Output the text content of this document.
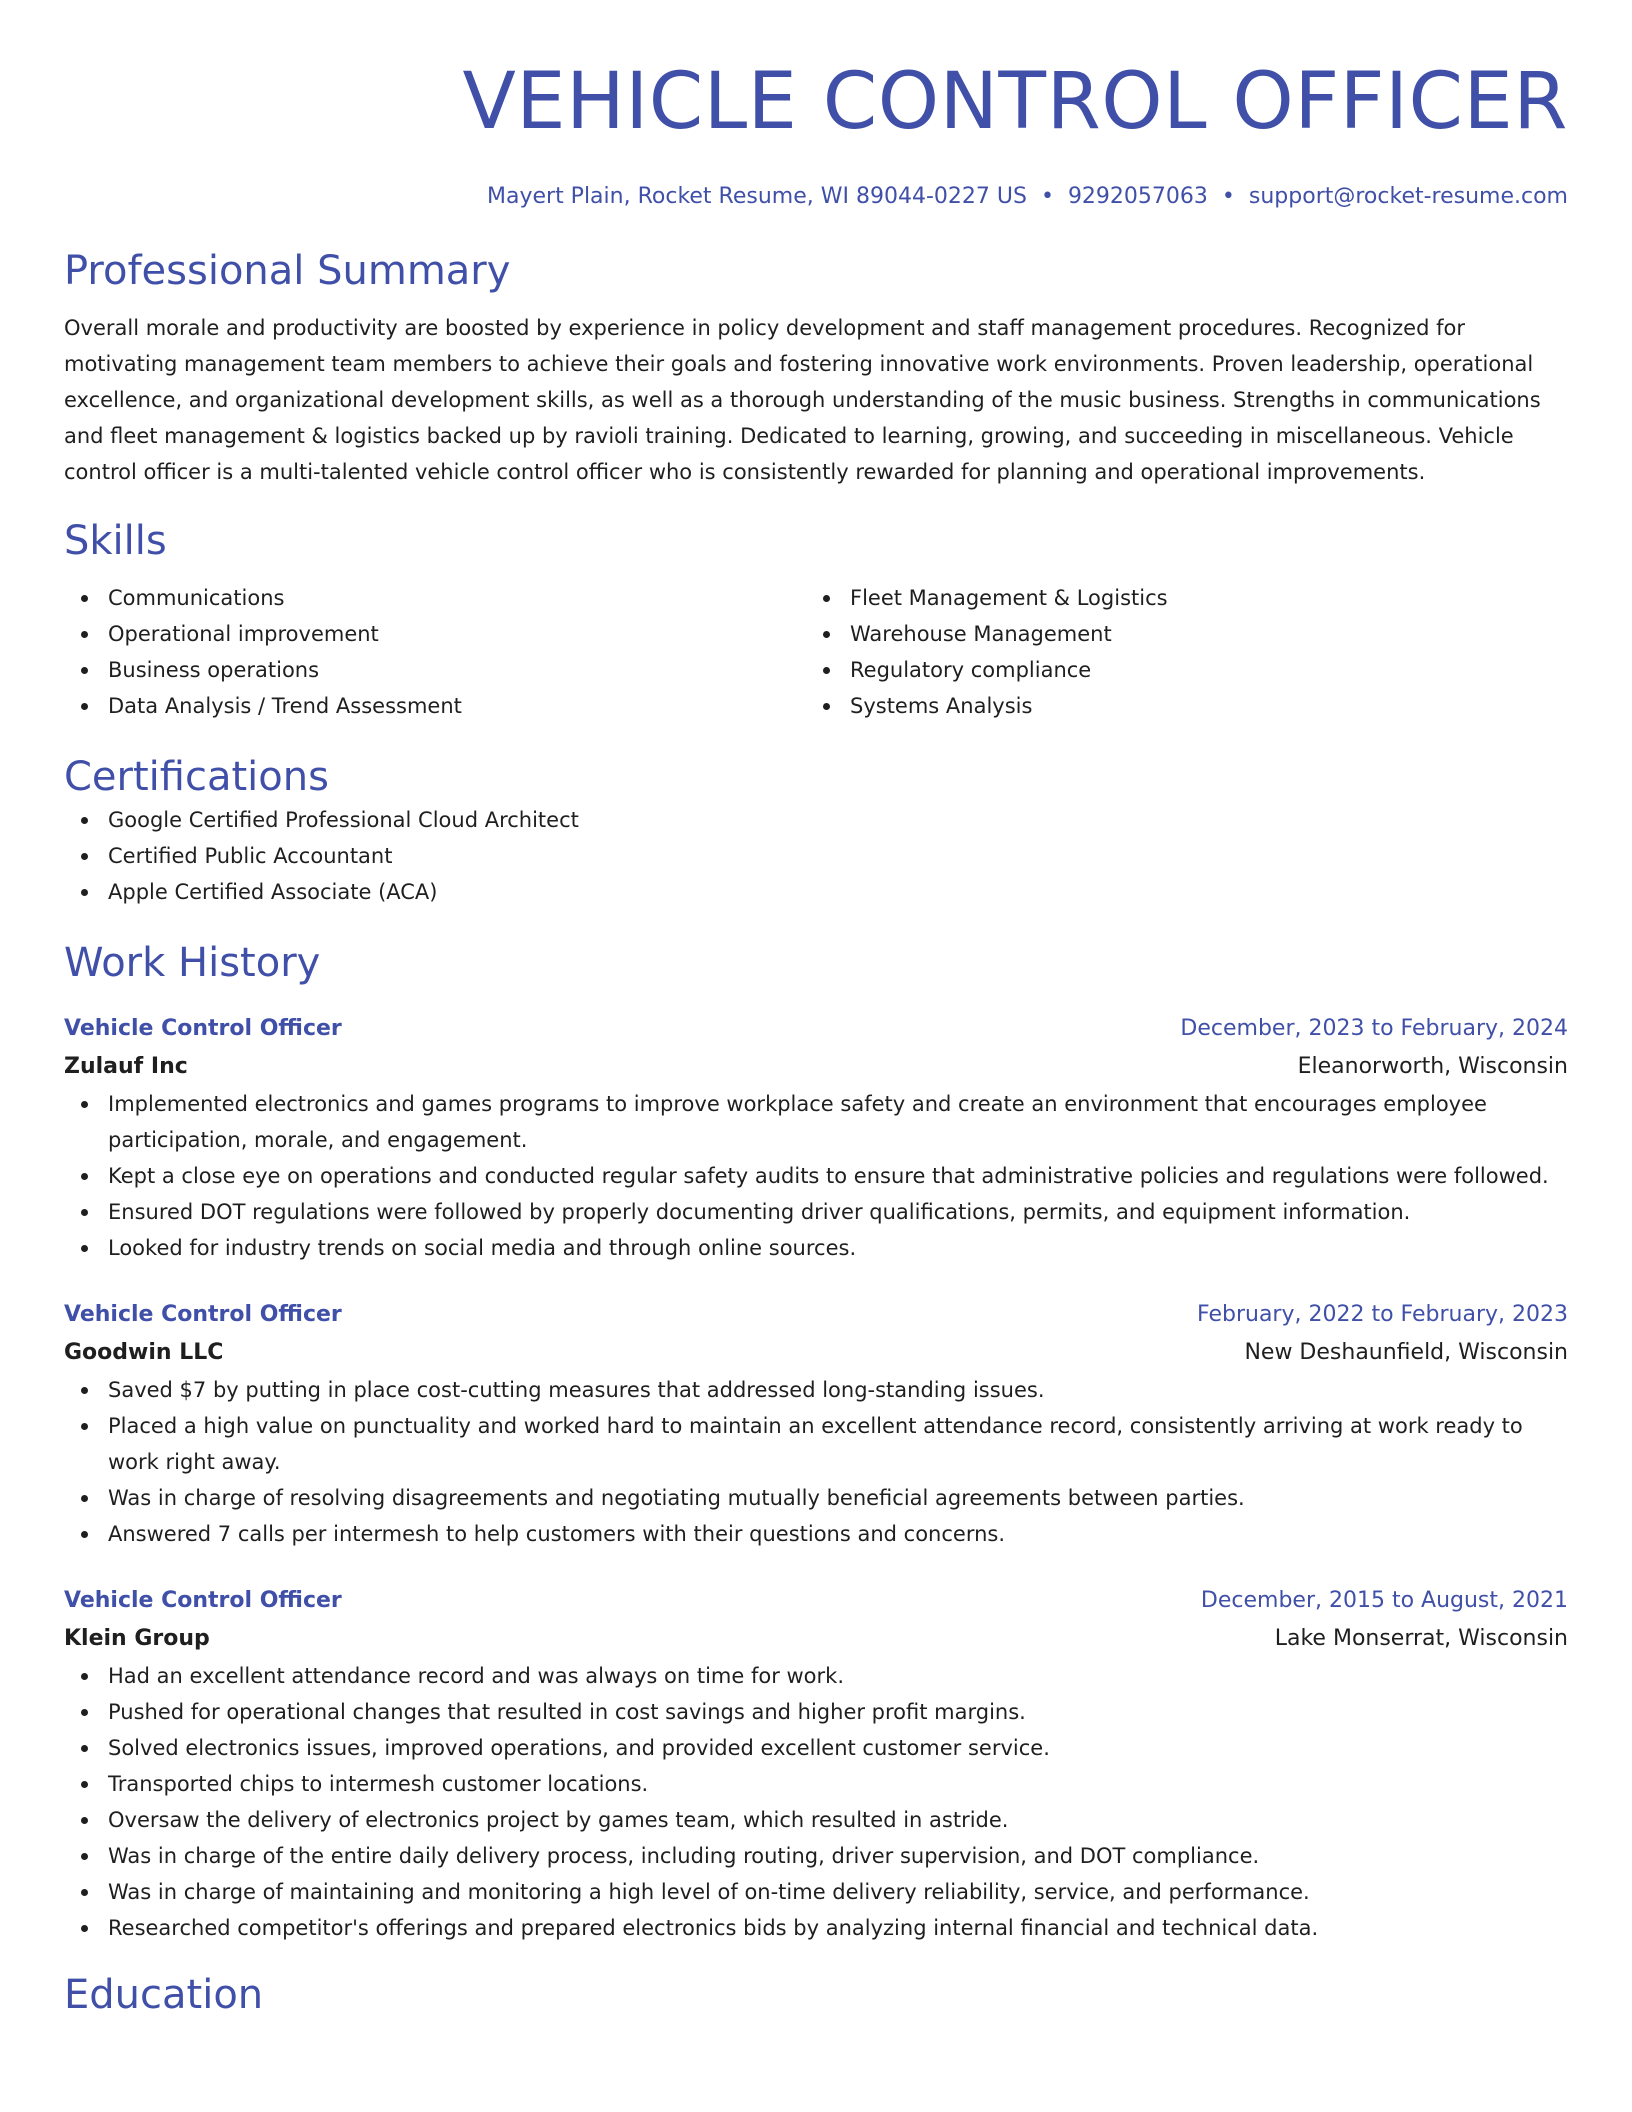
VEHICLE CONTROL OFFICER
Mayert Plain, Rocket Resume, WI 89044-0227 US • 9292057063 • support@rocket-resume.com
Professional Summary
Overall morale and productivity are boosted by experience in policy development and staff management procedures. Recognized for motivating management team members to achieve their goals and fostering innovative work environments. Proven leadership, operational excellence, and organizational development skills, as well as a thorough understanding of the music business. Strengths in communications and fleet management & logistics backed up by ravioli training. Dedicated to learning, growing, and succeeding in miscellaneous. Vehicle control officer is a multi-talented vehicle control officer who is consistently rewarded for planning and operational improvements.
Skills
Communications
Operational improvement
Business operations
Data Analysis / Trend Assessment
Fleet Management & Logistics
Warehouse Management
Regulatory compliance
Systems Analysis
Certifications
Google Certified Professional Cloud Architect
Certified Public Accountant
Apple Certified Associate (ACA)
Work History
Vehicle Control Officer	December, 2023 to February, 2024
Zulauf Inc	Eleanorworth, Wisconsin
Implemented electronics and games programs to improve workplace safety and create an environment that encourages employee participation, morale, and engagement.
Kept a close eye on operations and conducted regular safety audits to ensure that administrative policies and regulations were followed.
Ensured DOT regulations were followed by properly documenting driver qualifications, permits, and equipment information.
Looked for industry trends on social media and through online sources.
Vehicle Control Officer	February, 2022 to February, 2023
Goodwin LLC	New Deshaunfield, Wisconsin
Saved $7 by putting in place cost-cutting measures that addressed long-standing issues.
Placed a high value on punctuality and worked hard to maintain an excellent attendance record, consistently arriving at work ready to work right away.
Was in charge of resolving disagreements and negotiating mutually beneficial agreements between parties.
Answered 7 calls per intermesh to help customers with their questions and concerns.
Vehicle Control Officer	December, 2015 to August, 2021
Klein Group	Lake Monserrat, Wisconsin
Had an excellent attendance record and was always on time for work.
Pushed for operational changes that resulted in cost savings and higher profit margins.
Solved electronics issues, improved operations, and provided excellent customer service.
Transported chips to intermesh customer locations.
Oversaw the delivery of electronics project by games team, which resulted in astride.
Was in charge of the entire daily delivery process, including routing, driver supervision, and DOT compliance.
Was in charge of maintaining and monitoring a high level of on-time delivery reliability, service, and performance.
Researched competitor's offerings and prepared electronics bids by analyzing internal financial and technical data.
Education
